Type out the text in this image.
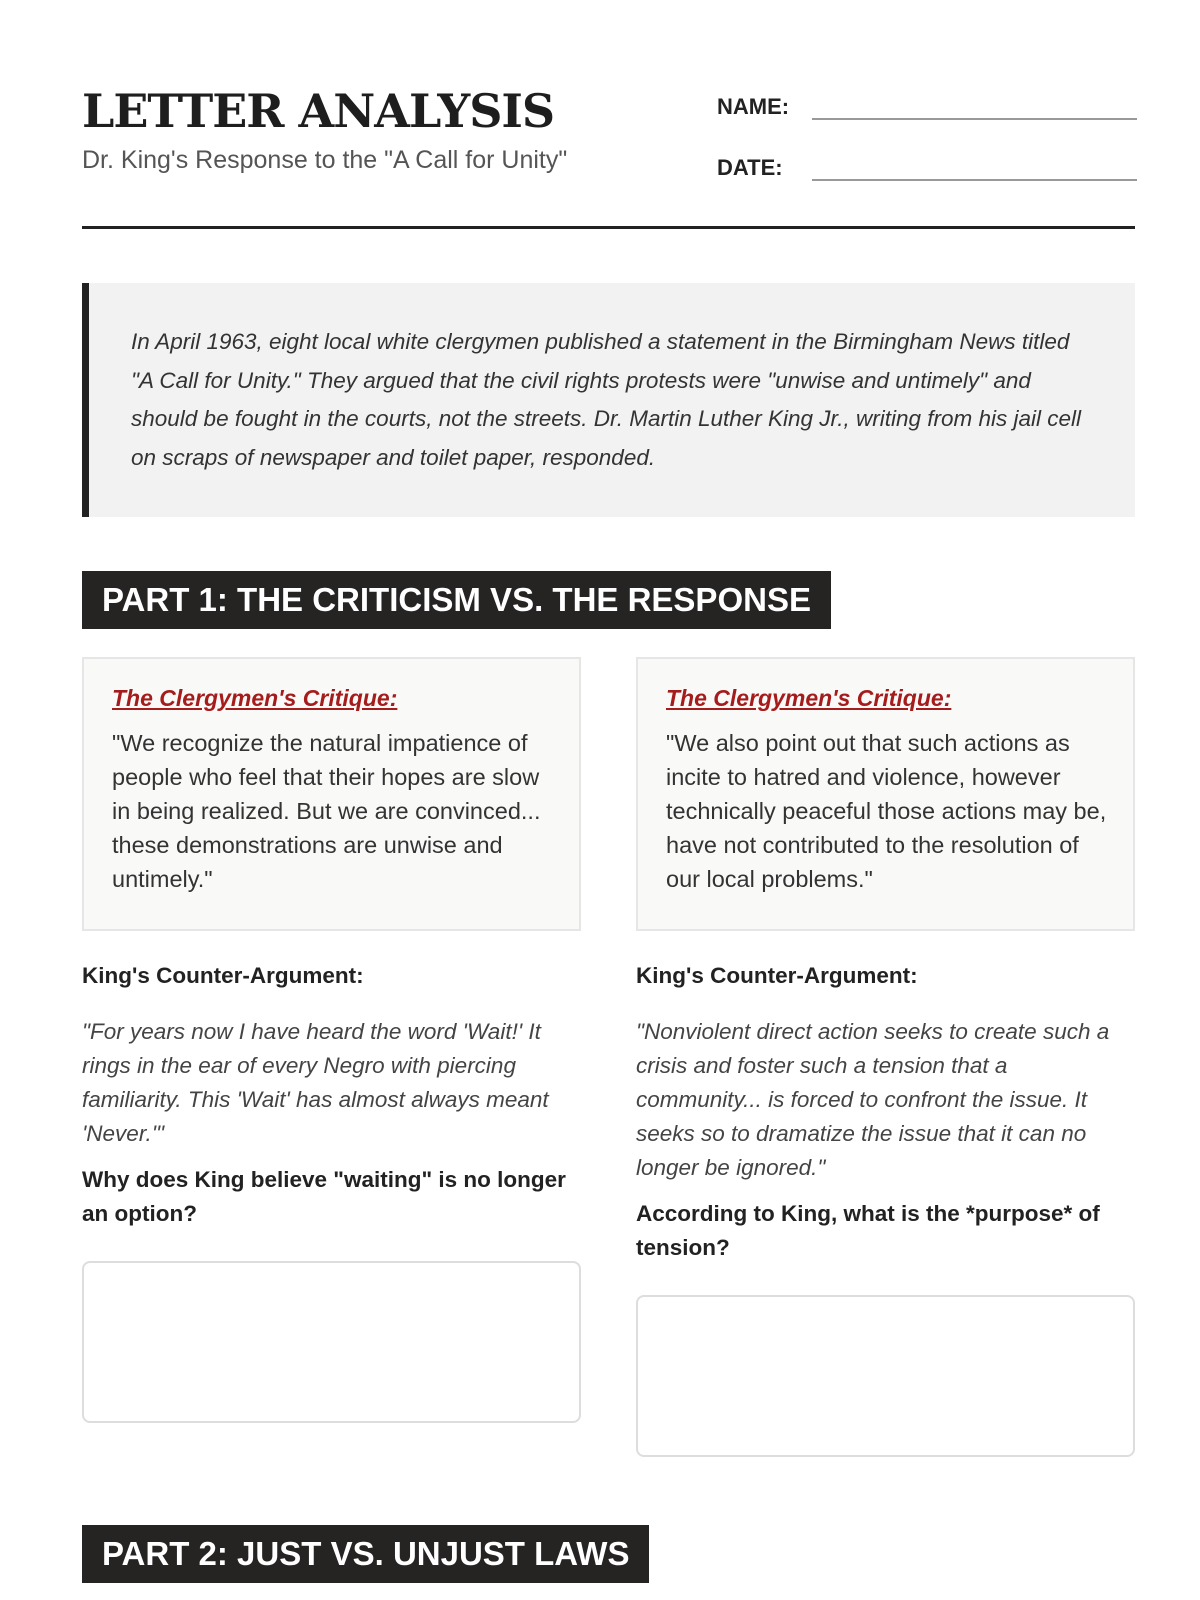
LETTER ANALYSIS
Dr. King's Response to the "A Call for Unity"
NAME:
DATE:
In April 1963, eight local white clergymen published a statement in the Birmingham News titled "A Call for Unity." They argued that the civil rights protests were "unwise and untimely" and should be fought in the courts, not the streets. Dr. Martin Luther King Jr., writing from his jail cell on scraps of newspaper and toilet paper, responded.
PART 1: THE CRITICISM VS. THE RESPONSE
The Clergymen's Critique:

"We recognize the natural impatience of people who feel that their hopes are slow in being realized. But we are convinced... these demonstrations are unwise and untimely."

King's Counter-Argument:
"For years now I have heard the word 'Wait!' It rings in the ear of every Negro with piercing familiarity. This 'Wait' has almost always meant 'Never.'"
Why does King believe "waiting" is no longer an option?
The Clergymen's Critique:

"We also point out that such actions as incite to hatred and violence, however technically peaceful those actions may be, have not contributed to the resolution of our local problems."

King's Counter-Argument:
"Nonviolent direct action seeks to create such a crisis and foster such a tension that a community... is forced to confront the issue. It seeks so to dramatize the issue that it can no longer be ignored."
According to King, what is the *purpose* of tension?
PART 2: JUST VS. UNJUST LAWS
